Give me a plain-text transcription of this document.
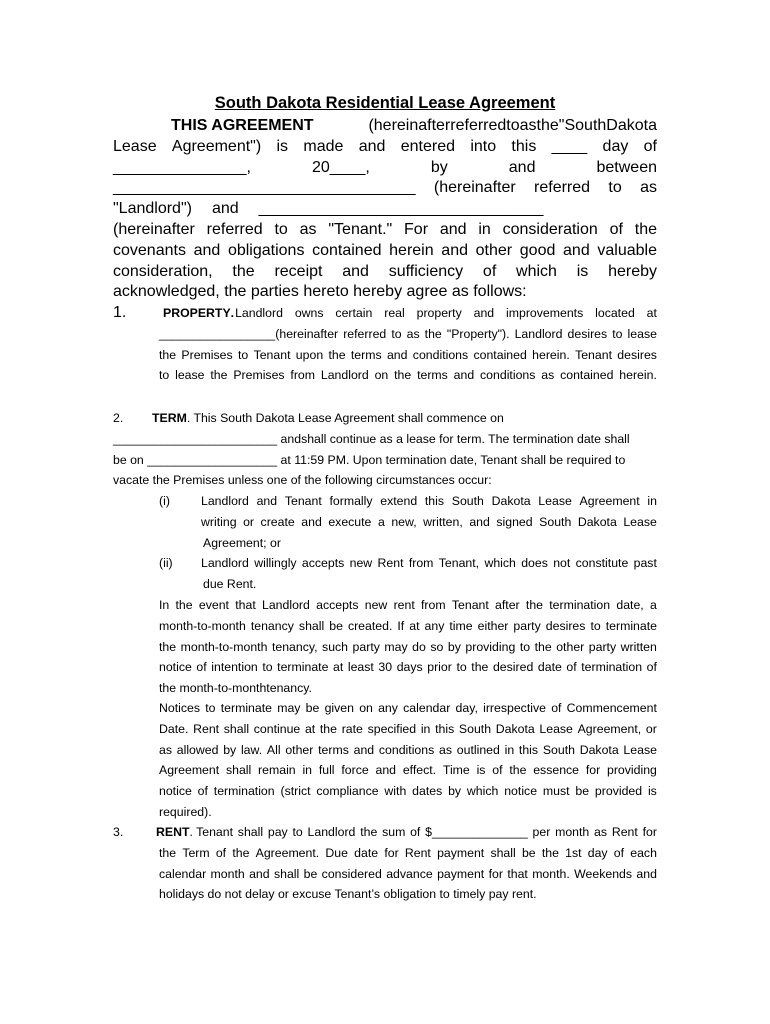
South Dakota Residential Lease Agreement
THIS AGREEMENT	(hereinafterreferredtoasthe"SouthDakota
Lease Agreement") is made and entered into this ____ day of
_______________,	20____,	by	and	between
__________________________________ (hereinafter referred to as
"Landlord") and ________________________________
(hereinafter referred to as "Tenant." For and in consideration of the
covenants and obligations contained herein and other good and valuable
consideration, the receipt and sufficiency of which is hereby
acknowledged, the parties hereto hereby agree as follows:
1.	PROPERTY . Landlord owns certain real property and improvements located at
_________________(hereinafter referred to as the "Property"). Landlord desires to lease
the Premises to Tenant upon the terms and conditions contained herein. Tenant desires
to lease the Premises from Landlord on the terms and conditions as contained herein.
2. TERM. This South Dakota Lease Agreement shall commence on
________________________ andshall continue as a lease for term. The termination date shall
be on ___________________ at 11:59 PM. Upon termination date, Tenant shall be required to
vacate the Premises unless one of the following circumstances occur:
(i)	Landlord and Tenant formally extend this South Dakota Lease Agreement in
writing or create and execute a new, written, and signed South Dakota Lease
Agreement; or
(ii)	Landlord willingly accepts new Rent from Tenant, which does not constitute past
due Rent.
In the event that Landlord accepts new rent from Tenant after the termination date, a
month-to-month tenancy shall be created. If at any time either party desires to terminate
the month-to-month tenancy, such party may do so by providing to the other party written
notice of intention to terminate at least 30 days prior to the desired date of termination of
the month-to-monthtenancy.
Notices to terminate may be given on any calendar day, irrespective of Commencement
Date. Rent shall continue at the rate specified in this South Dakota Lease Agreement, or
as allowed by law. All other terms and conditions as outlined in this South Dakota Lease
Agreement shall remain in full force and effect. Time is of the essence for providing
notice of termination (strict compliance with dates by which notice must be provided is
required).
3.	RENT . Tenant shall pay to Landlord the sum of $______________ per month as Rent for
the Term of the Agreement. Due date for Rent payment shall be the 1st day of each
calendar month and shall be considered advance payment for that month. Weekends and
holidays do not delay or excuse Tenant’s obligation to timely pay rent.
